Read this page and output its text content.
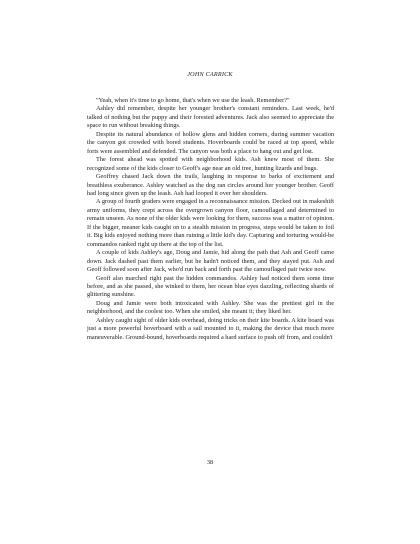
JOHN CARRICK

"Yeah, when it's time to go home, that's when we use the leash. Remember?"

Ashley did remember, despite her younger brother's constant reminders. Last week, he'd talked of nothing but the puppy and their forested adventures. Jack also seemed to appreciate the space to run without breaking things.

Despite its natural abundance of hollow glens and hidden corners, during summer vacation the canyon got crowded with bored students. Hoverboards could be raced at top speed, while forts were assembled and defended. The canyon was both a place to hang out and get lost.

The forest ahead was spotted with neighborhood kids. Ash knew most of them. She recognized some of the kids closer to Geoff's age near an old tree, hunting lizards and bugs.

Geoffrey chased Jack down the trails, laughing in response to barks of excitement and breathless exuberance. Ashley watched as the dog ran circles around her younger brother. Geoff had long since given up the leash. Ash had looped it over her shoulders.

A group of fourth graders were engaged in a reconnaissance mission. Decked out in makeshift army uniforms, they crept across the overgrown canyon floor, camouflaged and determined to remain unseen. As none of the older kids were looking for them, success was a matter of opinion. If the bigger, meaner kids caught on to a stealth mission in progress, steps would be taken to foil it. Big kids enjoyed nothing more than ruining a little kid's day. Capturing and torturing would-be commandos ranked right up there at the top of the list.

A couple of kids Ashley's age, Doug and Jamie, hid along the path that Ash and Geoff came down. Jack dashed past them earlier, but he hadn't noticed them, and they stayed put. Ash and Geoff followed soon after Jack, who'd run back and forth past the camouflaged pair twice now.

Geoff also marched right past the hidden commandos. Ashley had noticed them some time before, and as she passed, she winked to them, her ocean blue eyes dazzling, reflecting shards of glittering sunshine.

Doug and Jamie were both intoxicated with Ashley. She was the prettiest girl in the neighborhood, and the coolest too. When she smiled, she meant it; they liked her.

Ashley caught sight of older kids overhead, doing tricks on their kite boards. A kite board was just a more powerful hoverboard with a sail mounted to it, making the device that much more maneuverable. Ground-bound, hoverboards required a hard surface to push off from, and couldn't

38
